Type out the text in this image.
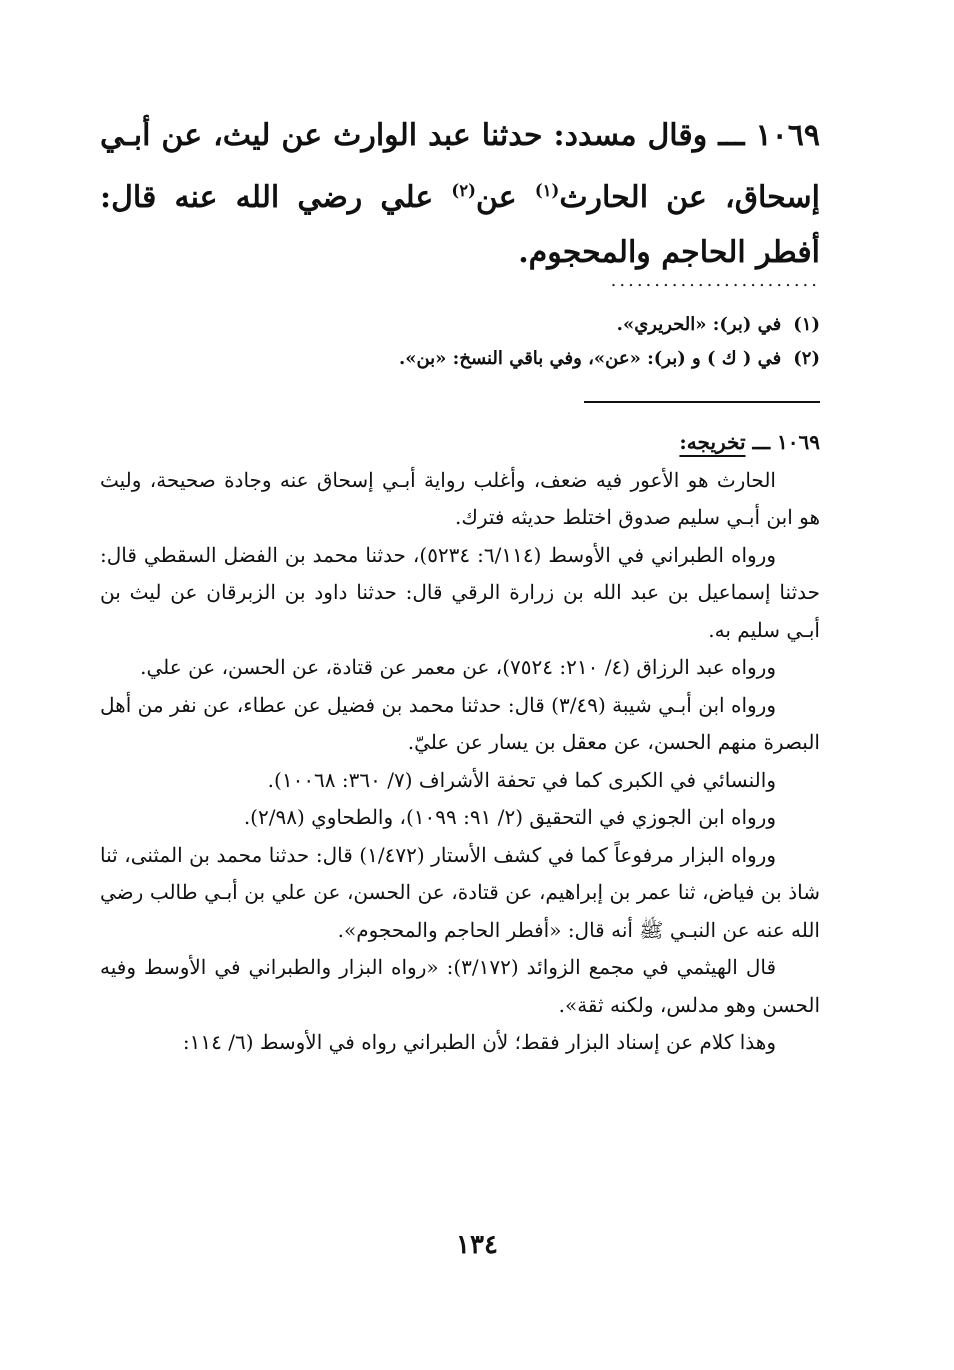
١٠٦٩ ـــ وقال مسدد: حدثنا عبد الوارث عن ليث، عن أبـي إسحاق، عن الحارث$^{(١)}$ عن$^{(٢)}$ علي رضي الله عنه قال: أفطر الحاجم والمحجوم.

........................

(١)في (بر): «الحريري».

(٢)في ( ك ) و (بر): «عن»، وفي باقي النسخ: «بن».

١٠٦٩ ـــ تخريجه:

الحارث هو الأعور فيه ضعف، وأغلب رواية أبـي إسحاق عنه وجادة صحيحة، وليث هو ابن أبـي سليم صدوق اختلط حديثه فترك.

ورواه الطبراني في الأوسط (٦/١١٤: ٥٢٣٤)، حدثنا محمد بن الفضل السقطي قال: حدثنا إسماعيل بن عبد الله بن زرارة الرقي قال: حدثنا داود بن الزبرقان عن ليث بن أبـي سليم به.

ورواه عبد الرزاق (٤/ ٢١٠: ٧٥٢٤)، عن معمر عن قتادة، عن الحسن، عن علي.

ورواه ابن أبـي شيبة (٣/٤٩) قال: حدثنا محمد بن فضيل عن عطاء، عن نفر من أهل البصرة منهم الحسن، عن معقل بن يسار عن عليّ.

والنسائي في الكبرى كما في تحفة الأشراف (٧/ ٣٦٠: ١٠٠٦٨).

ورواه ابن الجوزي في التحقيق (٢/ ٩١: ١٠٩٩)، والطحاوي (٢/٩٨).

ورواه البزار مرفوعاً كما في كشف الأستار (١/٤٧٢) قال: حدثنا محمد بن المثنى، ثنا شاذ بن فياض، ثنا عمر بن إبراهيم، عن قتادة، عن الحسن، عن علي بن أبـي طالب رضي الله عنه عن النبـي ﷺ أنه قال: «أفطر الحاجم والمحجوم».

قال الهيثمي في مجمع الزوائد (٣/١٧٢): «رواه البزار والطبراني في الأوسط وفيه الحسن وهو مدلس، ولكنه ثقة».

وهذا كلام عن إسناد البزار فقط؛ لأن الطبراني رواه في الأوسط (٦/ ١١٤:

١٣٤
